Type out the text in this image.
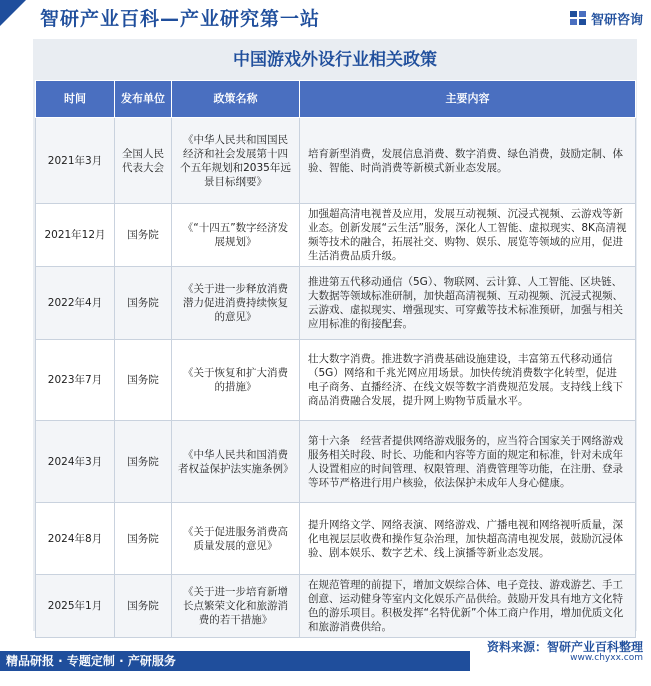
智研产业百科—产业研究第一站	智研咨询
中国游戏外设行业相关政策
时间	发布单位	政策名称	主要内容
2021年3月	全国人民代表大会	《中华人民共和国国民经济和社会发展第十四个五年规划和2035年远景目标纲要》	培育新型消费，发展信息消费、数字消费、绿色消费，鼓励定制、体验、智能、时尚消费等新模式新业态发展。
2021年12月	国务院	《“十四五”数字经济发展规划》	加强超高清电视普及应用，发展互动视频、沉浸式视频、云游戏等新业态。创新发展“云生活”服务，深化人工智能、虚拟现实、8K高清视频等技术的融合，拓展社交、购物、娱乐、展览等领域的应用，促进生活消费品质升级。
2022年4月	国务院	《关于进一步释放消费潜力促进消费持续恢复的意见》	推进第五代移动通信（5G）、物联网、云计算、人工智能、区块链、大数据等领域标准研制，加快超高清视频、互动视频、沉浸式视频、云游戏、虚拟现实、增强现实、可穿戴等技术标准预研，加强与相关应用标准的衔接配套。
2023年7月	国务院	《关于恢复和扩大消费的措施》	壮大数字消费。推进数字消费基础设施建设，丰富第五代移动通信（5G）网络和千兆光网应用场景。加快传统消费数字化转型，促进电子商务、直播经济、在线文娱等数字消费规范发展。支持线上线下商品消费融合发展，提升网上购物节质量水平。
2024年3月	国务院	《中华人民共和国消费者权益保护法实施条例》	第十六条　经营者提供网络游戏服务的，应当符合国家关于网络游戏服务相关时段、时长、功能和内容等方面的规定和标准，针对未成年人设置相应的时间管理、权限管理、消费管理等功能，在注册、登录等环节严格进行用户核验，依法保护未成年人身心健康。
2024年8月	国务院	《关于促进服务消费高质量发展的意见》	提升网络文学、网络表演、网络游戏、广播电视和网络视听质量，深化电视层层收费和操作复杂治理，加快超高清电视发展，鼓励沉浸体验、剧本娱乐、数字艺术、线上演播等新业态发展。
2025年1月	国务院	《关于进一步培育新增长点繁荣文化和旅游消费的若干措施》	在规范管理的前提下，增加文娱综合体、电子竞技、游戏游艺、手工创意、运动健身等室内文化娱乐产品供给。鼓励开发具有地方文化特色的游乐项目。积极发挥“名特优新”个体工商户作用，增加优质文化和旅游消费供给。
资料来源：智研产业百科整理
精品研报 · 专题定制 · 产研服务	www.chyxx.com
